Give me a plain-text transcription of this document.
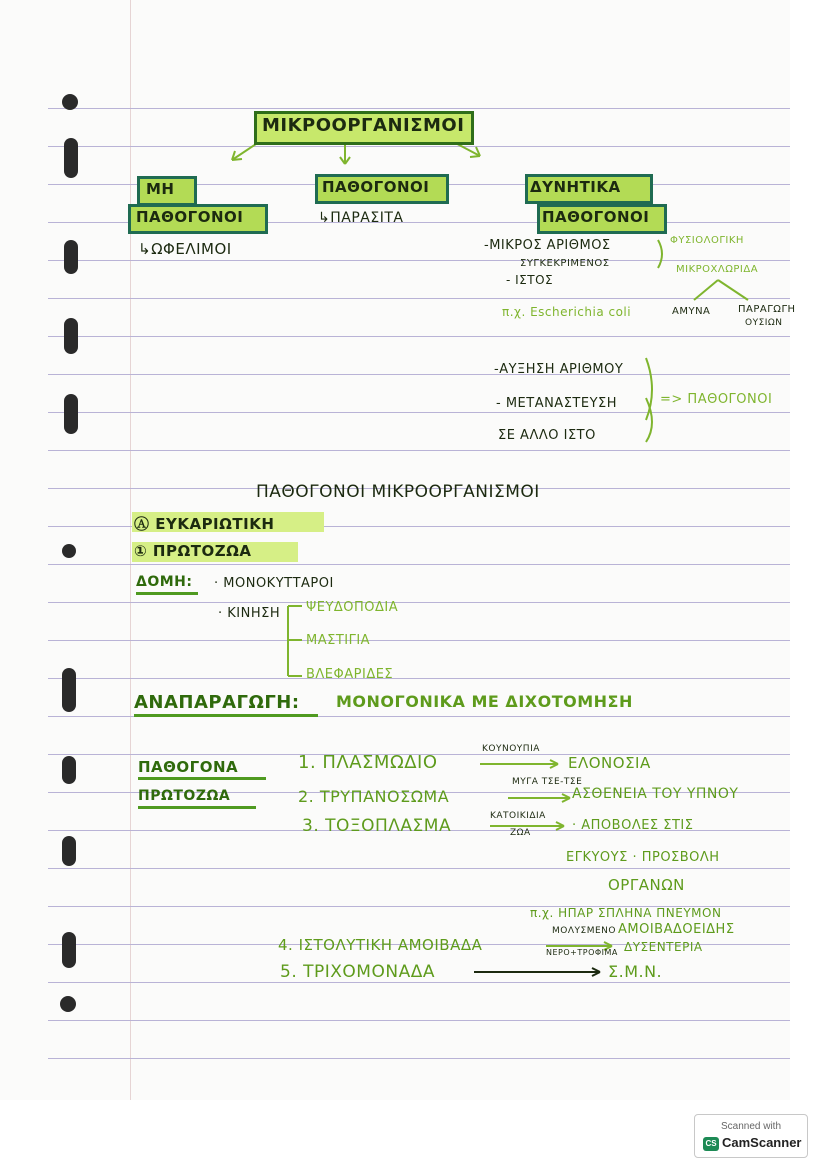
ΜΙΚΡΟΟΡΓΑΝΙΣΜΟΙ
ΜΗ
ΠΑΘΟΓΟΝΟΙ
↳ΩΦΕΛΙΜΟΙ
ΠΑΘΟΓΟΝΟΙ
↳ΠΑΡΑΣΙΤΑ
ΔΥΝΗΤΙΚΑ
ΠΑΘΟΓΟΝΟΙ
-ΜΙΚΡΟΣ ΑΡΙΘΜΟΣ
ΣΥΓΚΕΚΡΙΜΕΝΟΣ
- ΙΣΤΟΣ
ΦΥΣΙΟΛΟΓΙΚΗ
ΜΙΚΡΟΧΛΩΡΙΔΑ
π.χ. Escherichia coli	ΑΜΥΝΑ	ΠΑΡΑΓΩΓΗ
ΟΥΣΙΩΝ
-ΑΥΞΗΣΗ ΑΡΙΘΜΟΥ
- ΜΕΤΑΝΑΣΤΕΥΣΗ
ΣΕ ΑΛΛΟ ΙΣΤΟ
=> ΠΑΘΟΓΟΝΟΙ
ΠΑΘΟΓΟΝΟΙ ΜΙΚΡΟΟΡΓΑΝΙΣΜΟΙ
Ⓐ ΕΥΚΑΡΙΩΤΙΚΗ
① ΠΡΩΤΟΖΩΑ
ΔΟΜΗ: · ΜΟΝΟΚΥΤΤΑΡΟΙ
· ΚΙΝΗΣΗ ΨΕΥΔΟΠΟΔΙΑ
ΜΑΣΤΙΓΙΑ
ΒΛΕΦΑΡΙΔΕΣ
ΑΝΑΠΑΡΑΓΩΓΗ: ΜΟΝΟΓΟΝΙΚΑ ΜΕ ΔΙΧΟΤΟΜΗΣΗ
ΠΑΘΟΓΟΝΑ
ΠΡΩΤΟΖΩΑ
1. ΠΛΑΣΜΩΔΙΟ
ΚΟΥΝΟΥΠΙΑ
ΕΛΟΝΟΣΙΑ
2. ΤΡΥΠΑΝΟΣΩΜΑ
ΜΥΓΑ ΤΣΕ-ΤΣΕ
ΑΣΘΕΝΕΙΑ ΤΟΥ ΥΠΝΟΥ
3. ΤΟΞΟΠΛΑΣΜΑ	ΚΑΤΟΙΚΙΔΙΑ
ΖΩΑ	· ΑΠΟΒΟΛΕΣ ΣΤΙΣ
ΕΓΚΥΟΥΣ · ΠΡΟΣΒΟΛΗ
ΟΡΓΑΝΩΝ
π.χ. ΗΠΑΡ ΣΠΛΗΝΑ ΠΝΕΥΜΟΝ
4. ΙΣΤΟΛΥΤΙΚΗ ΑΜΟΙΒΑΔΑ
ΜΟΛΥΣΜΕΝΟ
ΝΕΡΟ+ΤΡΟΦΙΜΑ
ΑΜΟΙΒΑΔΟΕΙΔΗΣ
ΔΥΣΕΝΤΕΡΙΑ
5. ΤΡΙΧΟΜΟΝΑΔΑ	Σ.Μ.Ν.
Scanned with
CS CamScanner
